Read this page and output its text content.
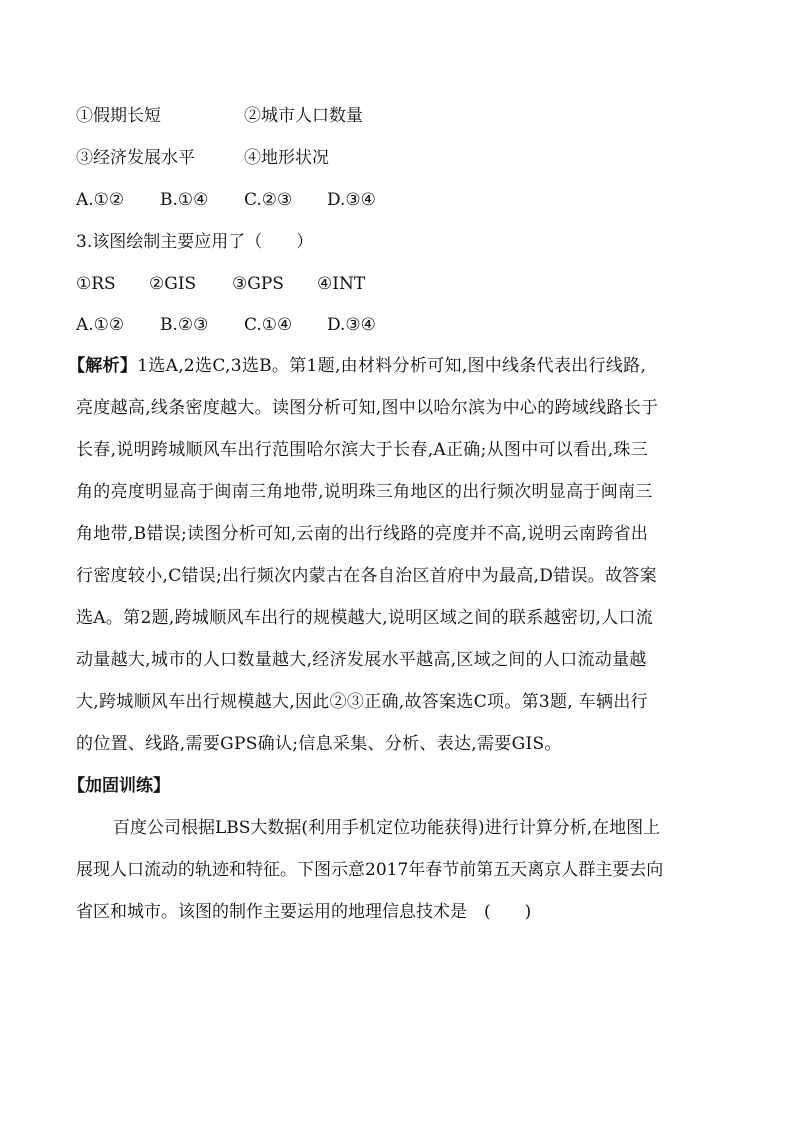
①假期长短	②城市人口数量
③经济发展水平	④地形状况
A.①② B.①④ C.②③ D.③④
3.该图绘制主要应用了（　　）
①RS ②GIS ③GPS ④INT
A.①② B.②③ C.①④ D.③④
【解析】1选A,2选C,3选B。第1题,由材料分析可知,图中线条代表出行线路,
亮度越高,线条密度越大。读图分析可知,图中以哈尔滨为中心的跨域线路长于
长春,说明跨城顺风车出行范围哈尔滨大于长春,A正确;从图中可以看出,珠三
角的亮度明显高于闽南三角地带,说明珠三角地区的出行频次明显高于闽南三
角地带,B错误;读图分析可知,云南的出行线路的亮度并不高,说明云南跨省出
行密度较小,C错误;出行频次内蒙古在各自治区首府中为最高,D错误。故答案
选A。第2题,跨城顺风车出行的规模越大,说明区域之间的联系越密切,人口流
动量越大,城市的人口数量越大,经济发展水平越高,区域之间的人口流动量越
大,跨城顺风车出行规模越大,因此②③正确,故答案选C项。第3题, 车辆出行
的位置、线路,需要GPS确认;信息采集、分析、表达,需要GIS。
【加固训练】
百度公司根据LBS大数据(利用手机定位功能获得)进行计算分析,在地图上
展现人口流动的轨迹和特征。下图示意2017年春节前第五天离京人群主要去向
省区和城市。该图的制作主要运用的地理信息技术是　(　　)
